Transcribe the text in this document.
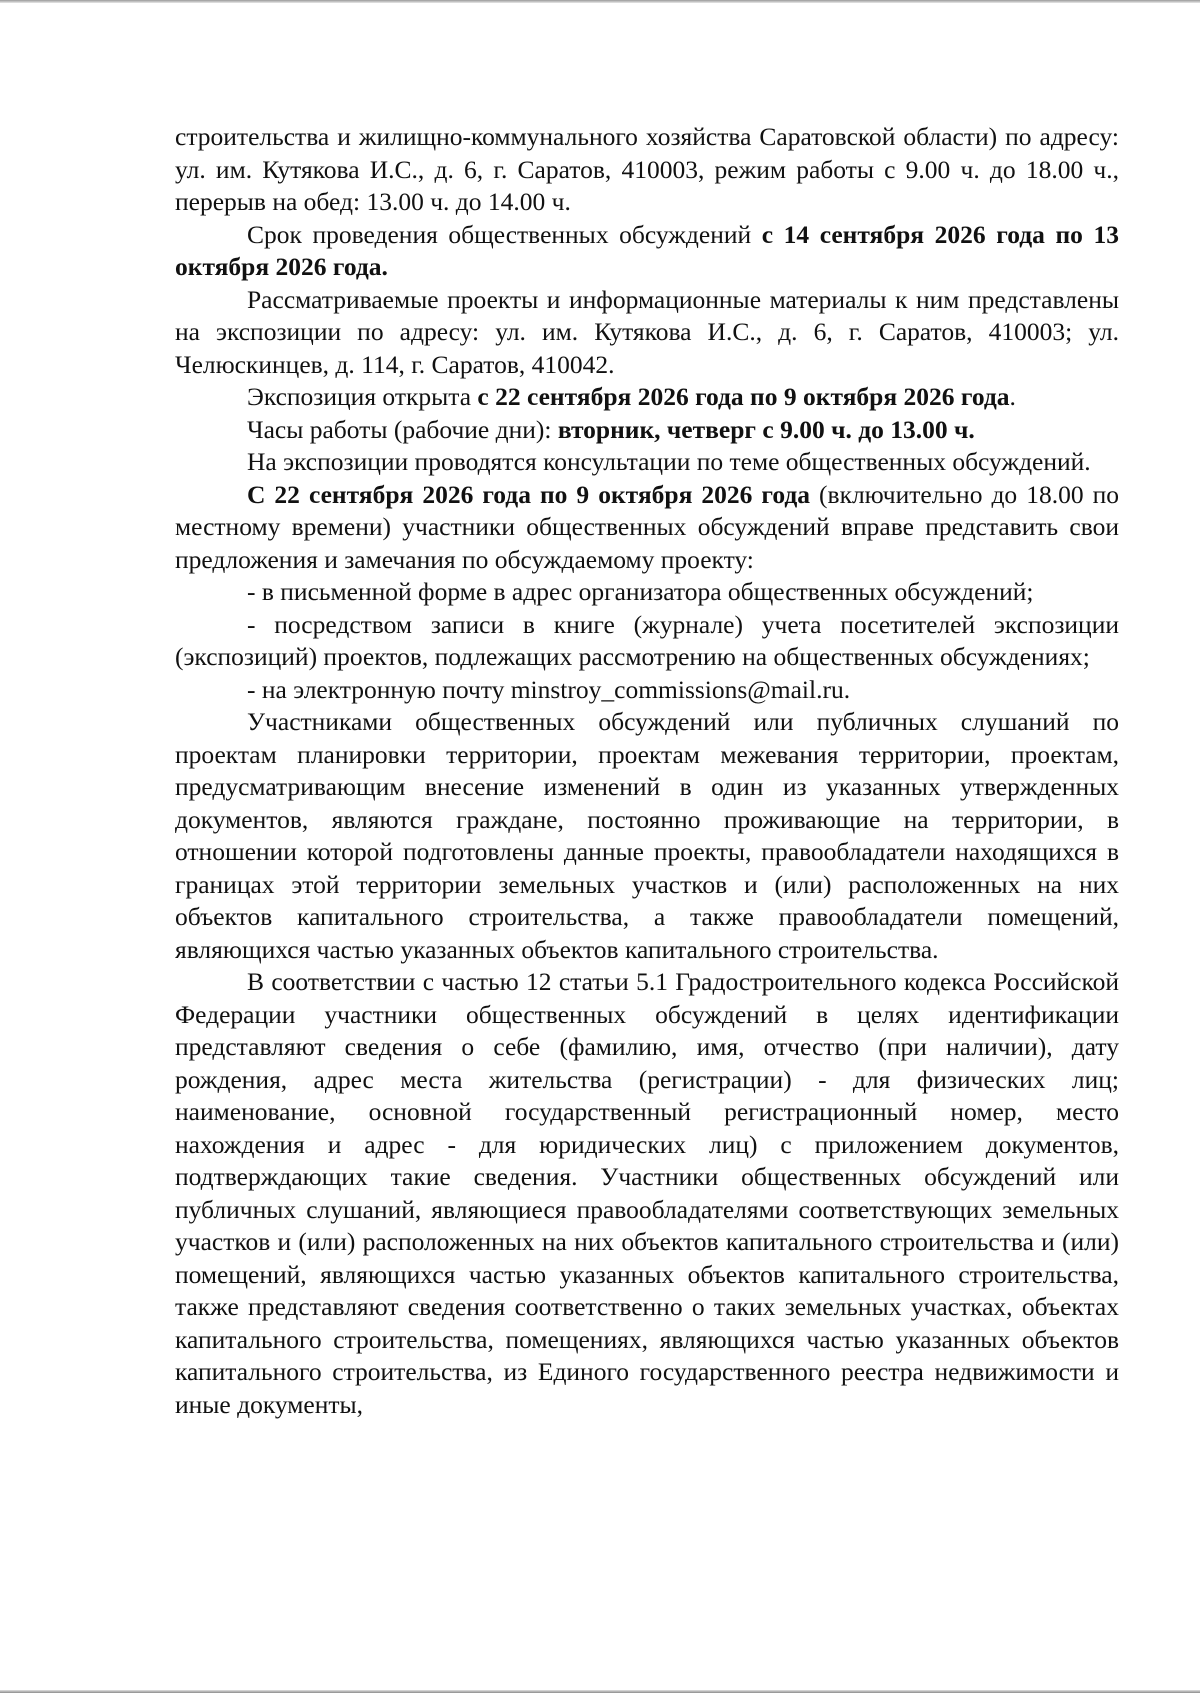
строительства и жилищно-коммунального хозяйства Саратовской области) по адресу: ул. им. Кутякова И.С., д. 6, г. Саратов, 410003, режим работы с 9.00 ч. до 18.00 ч., перерыв на обед: 13.00 ч. до 14.00 ч.

Срок проведения общественных обсуждений с 14 сентября 2026 года по 13 октября 2026 года.

Рассматриваемые проекты и информационные материалы к ним представлены на экспозиции по адресу: ул. им. Кутякова И.С., д. 6, г. Саратов, 410003; ул. Челюскинцев, д. 114, г. Саратов, 410042.

Экспозиция открыта с 22 сентября 2026 года по 9 октября 2026 года.

Часы работы (рабочие дни): вторник, четверг с 9.00 ч. до 13.00 ч.

На экспозиции проводятся консультации по теме общественных обсуждений.

С 22 сентября 2026 года по 9 октября 2026 года (включительно до 18.00 по местному времени) участники общественных обсуждений вправе представить свои предложения и замечания по обсуждаемому проекту:

- в письменной форме в адрес организатора общественных обсуждений;

- посредством записи в книге (журнале) учета посетителей экспозиции (экспозиций) проектов, подлежащих рассмотрению на общественных обсуждениях;

- на электронную почту minstroy_commissions@mail.ru.

Участниками общественных обсуждений или публичных слушаний по проектам планировки территории, проектам межевания территории, проектам, предусматривающим внесение изменений в один из указанных утвержденных документов, являются граждане, постоянно проживающие на территории, в отношении которой подготовлены данные проекты, правообладатели находящихся в границах этой территории земельных участков и (или) расположенных на них объектов капитального строительства, а также правообладатели помещений, являющихся частью указанных объектов капитального строительства.

В соответствии с частью 12 статьи 5.1 Градостроительного кодекса Российской Федерации участники общественных обсуждений в целях идентификации представляют сведения о себе (фамилию, имя, отчество (при наличии), дату рождения, адрес места жительства (регистрации) - для физических лиц; наименование, основной государственный регистрационный номер, место нахождения и адрес - для юридических лиц) с приложением документов, подтверждающих такие сведения. Участники общественных обсуждений или публичных слушаний, являющиеся правообладателями соответствующих земельных участков и (или) расположенных на них объектов капитального строительства и (или) помещений, являющихся частью указанных объектов капитального строительства, также представляют сведения соответственно о таких земельных участках, объектах капитального строительства, помещениях, являющихся частью указанных объектов капитального строительства, из Единого государственного реестра недвижимости и иные документы,
